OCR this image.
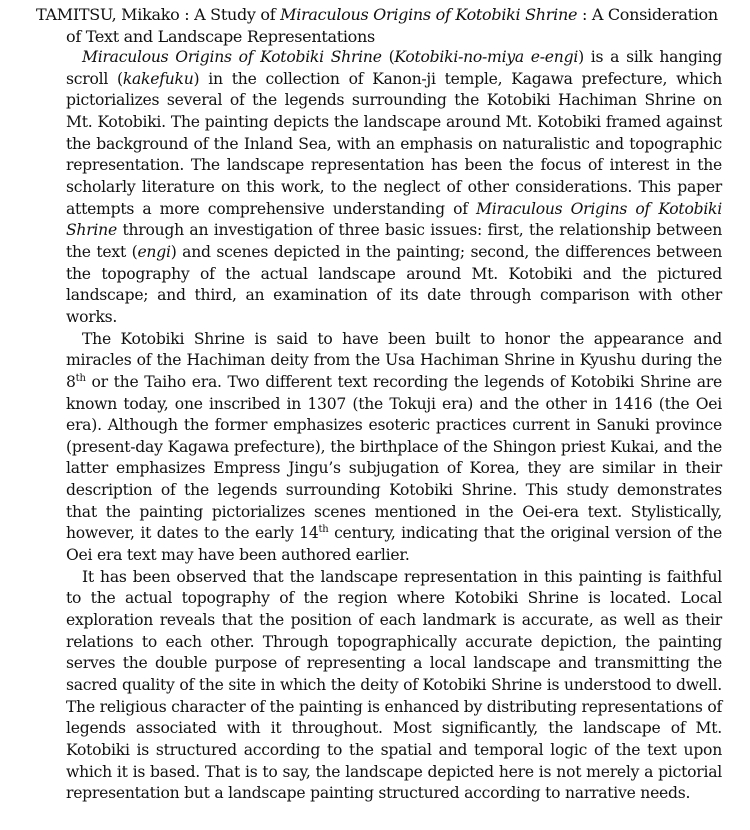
TAMITSU, Mikako : A Study of Miraculous Origins of Kotobiki Shrine : A Consideration of Text and Landscape Representations

Miraculous Origins of Kotobiki Shrine (Kotobiki-no-miya e-engi) is a silk hanging scroll (kakefuku) in the collection of Kanon-ji temple, Kagawa prefecture, which pictorializes several of the legends surrounding the Kotobiki Hachiman Shrine on Mt. Kotobiki. The painting depicts the landscape around Mt. Kotobiki framed against the background of the Inland Sea, with an emphasis on naturalistic and topographic representation. The landscape representation has been the focus of interest in the scholarly literature on this work, to the neglect of other considerations. This paper attempts a more comprehensive understanding of Miraculous Origins of Kotobiki Shrine through an investigation of three basic issues: first, the relationship between the text (engi) and scenes depicted in the painting; second, the differences between the topography of the actual landscape around Mt. Kotobiki and the pictured landscape; and third, an examination of its date through comparison with other works.

The Kotobiki Shrine is said to have been built to honor the appearance and miracles of the Hachiman deity from the Usa Hachiman Shrine in Kyushu during the 8th or the Taiho era. Two different text recording the legends of Kotobiki Shrine are known today, one inscribed in 1307 (the Tokuji era) and the other in 1416 (the Oei era). Although the former emphasizes esoteric practices current in Sanuki province (present-day Kagawa prefecture), the birthplace of the Shingon priest Kukai, and the latter emphasizes Empress Jingu’s subjugation of Korea, they are similar in their description of the legends surrounding Kotobiki Shrine. This study demonstrates that the painting pictorializes scenes mentioned in the Oei-era text. Stylistically, however, it dates to the early 14th century, indicating that the original version of the Oei era text may have been authored earlier.

It has been observed that the landscape representation in this painting is faithful to the actual topography of the region where Kotobiki Shrine is located. Local exploration reveals that the position of each landmark is accurate, as well as their relations to each other. Through topographically accurate depiction, the painting serves the double purpose of representing a local landscape and transmitting the sacred quality of the site in which the deity of Kotobiki Shrine is understood to dwell. The religious character of the painting is enhanced by distributing representations of legends associated with it throughout. Most significantly, the landscape of Mt. Kotobiki is structured according to the spatial and temporal logic of the text upon which it is based. That is to say, the landscape depicted here is not merely a pictorial representation but a landscape painting structured according to narrative needs.
